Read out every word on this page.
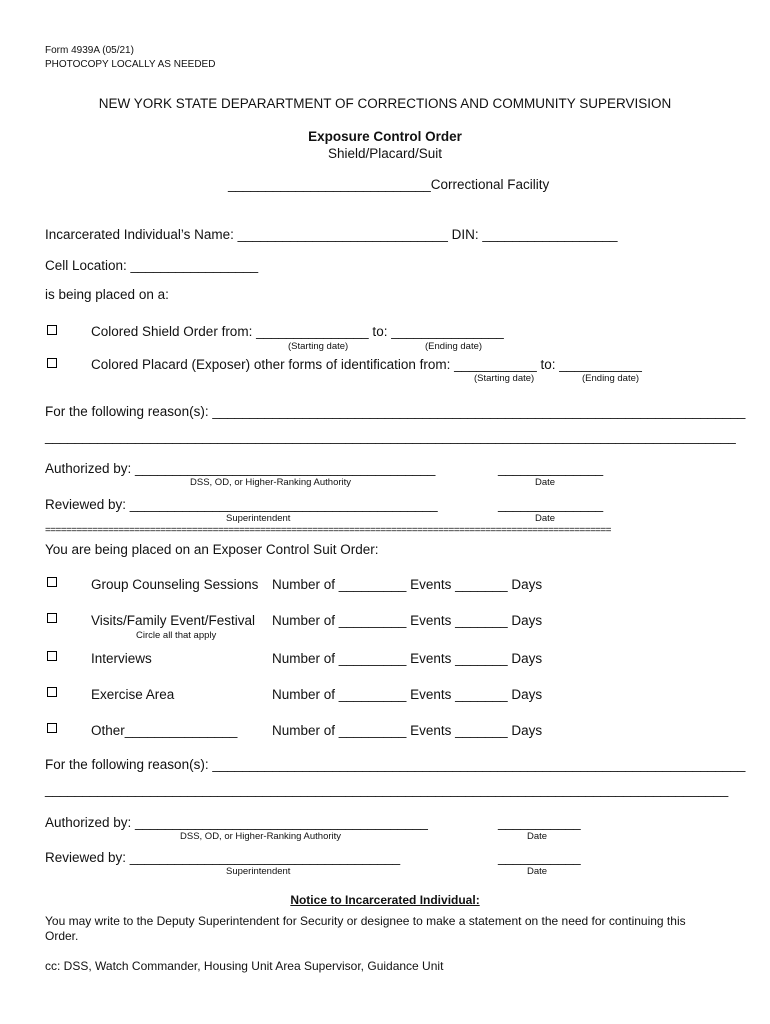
Form 4939A (05/21)
PHOTOCOPY LOCALLY AS NEEDED
NEW YORK STATE DEPARARTMENT OF CORRECTIONS AND COMMUNITY SUPERVISION
Exposure Control Order
Shield/Placard/Suit
___________________________Correctional Facility
Incarcerated Individual’s Name: ____________________________ DIN: __________________
Cell Location: _________________
is being placed on a:
Colored Shield Order from: _______________ to: _______________
(Starting date)	(Ending date)
Colored Placard (Exposer) other forms of identification from: ___________ to: ___________
(Starting date)	(Ending date)
For the following reason(s): _______________________________________________________________________
____________________________________________________________________________________________
Authorized by: ________________________________________
DSS, OD, or Higher-Ranking Authority
______________
Date
Reviewed by: _________________________________________
Superintendent
______________
Date
============================================================================================================
You are being placed on an Exposer Control Suit Order:
Group Counseling Sessions Number of _________ Events _______ Days
Visits/Family Event/Festival Number of _________ Events _______ Days
Circle all that apply
Interviews	Number of _________ Events _______ Days
Exercise Area	Number of _________ Events _______ Days
Other_______________	Number of _________ Events _______ Days
For the following reason(s): _______________________________________________________________________
___________________________________________________________________________________________
Authorized by: _______________________________________
DSS, OD, or Higher-Ranking Authority
___________
Date
Reviewed by: ____________________________________
Superintendent
___________
Date
Notice to Incarcerated Individual:
You may write to the Deputy Superintendent for Security or designee to make a statement on the need for continuing this
Order.
cc: DSS, Watch Commander, Housing Unit Area Supervisor, Guidance Unit
